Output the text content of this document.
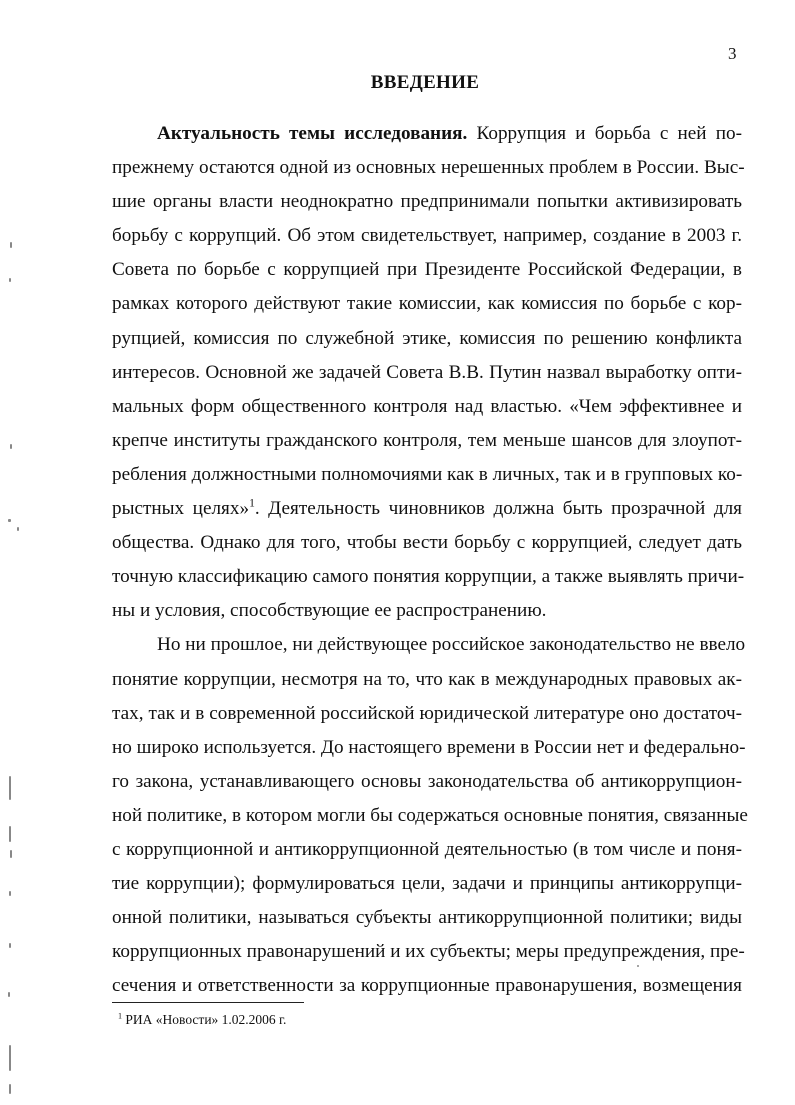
3
ВВЕДЕНИЕ
Актуальность темы исследования. Коррупция и борьба с ней по-
прежнему остаются одной из основных нерешенных проблем в России. Выс-
шие органы власти неоднократно предпринимали попытки активизировать
борьбу с коррупций. Об этом свидетельствует, например, создание в 2003 г.
Совета по борьбе с коррупцией при Президенте Российской Федерации, в
рамках которого действуют такие комиссии, как комиссия по борьбе с кор-
рупцией, комиссия по служебной этике, комиссия по решению конфликта
интересов. Основной же задачей Совета В.В. Путин назвал выработку опти-
мальных форм общественного контроля над властью. «Чем эффективнее и
крепче институты гражданского контроля, тем меньше шансов для злоупот-
ребления должностными полномочиями как в личных, так и в групповых ко-
рыстных целях»$^1$. Деятельность чиновников должна быть прозрачной для
общества. Однако для того, чтобы вести борьбу с коррупцией, следует дать
точную классификацию самого понятия коррупции, а также выявлять причи-
ны и условия, способствующие ее распространению.
Но ни прошлое, ни действующее российское законодательство не ввело
понятие коррупции, несмотря на то, что как в международных правовых ак-
тах, так и в современной российской юридической литературе оно достаточ-
но широко используется. До настоящего времени в России нет и федерально-
го закона, устанавливающего основы законодательства об антикоррупцион-
ной политике, в котором могли бы содержаться основные понятия, связанные
с коррупционной и антикоррупционной деятельностью (в том числе и поня-
тие коррупции); формулироваться цели, задачи и принципы антикоррупци-
онной политики, называться субъекты антикоррупционной политики; виды
коррупционных правонарушений и их субъекты; меры предупреждения, пре-
сечения и ответственности за коррупционные правонарушения, возмещения
$^1$ РИА «Новости» 1.02.2006 г.
